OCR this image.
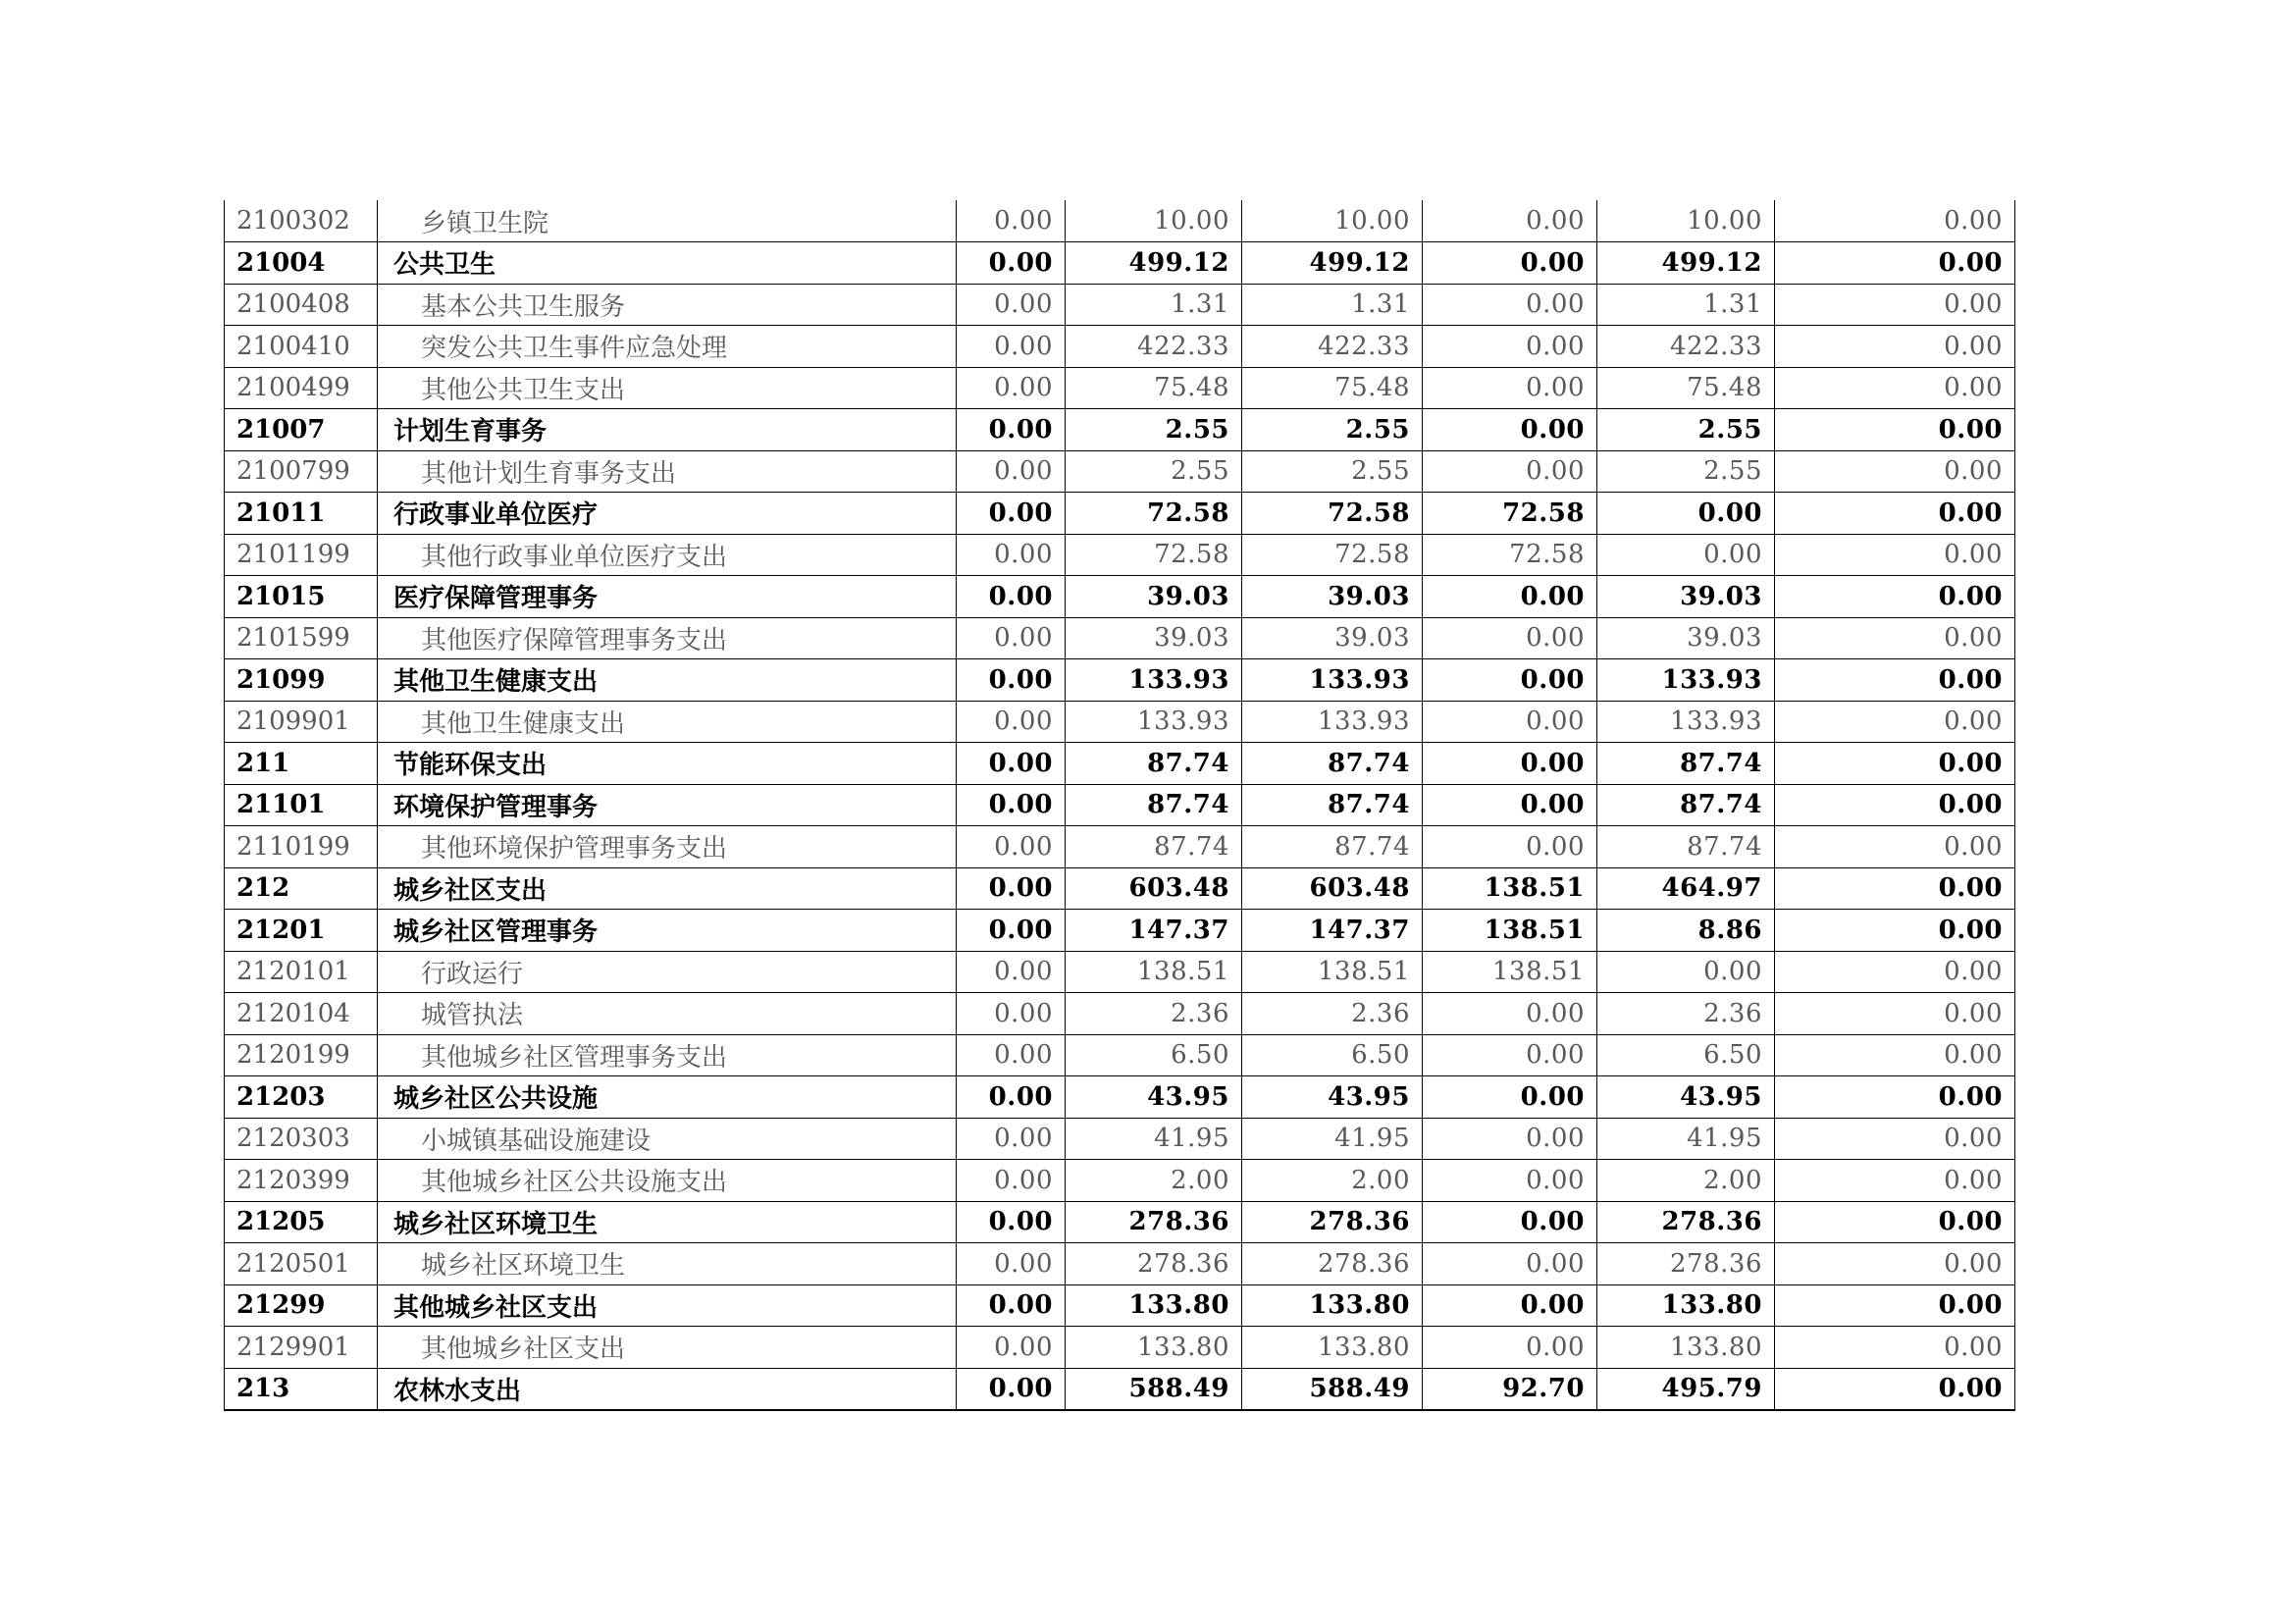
2100302	乡镇卫生院	0.00	10.00	10.00	0.00	10.00	0.00
21004	公共卫生	0.00	499.12	499.12	0.00	499.12	0.00
2100408	基本公共卫生服务	0.00	1.31	1.31	0.00	1.31	0.00
2100410	突发公共卫生事件应急处理	0.00	422.33	422.33	0.00	422.33	0.00
2100499	其他公共卫生支出	0.00	75.48	75.48	0.00	75.48	0.00
21007	计划生育事务	0.00	2.55	2.55	0.00	2.55	0.00
2100799	其他计划生育事务支出	0.00	2.55	2.55	0.00	2.55	0.00
21011	行政事业单位医疗	0.00	72.58	72.58	72.58	0.00	0.00
2101199	其他行政事业单位医疗支出	0.00	72.58	72.58	72.58	0.00	0.00
21015	医疗保障管理事务	0.00	39.03	39.03	0.00	39.03	0.00
2101599	其他医疗保障管理事务支出	0.00	39.03	39.03	0.00	39.03	0.00
21099	其他卫生健康支出	0.00	133.93	133.93	0.00	133.93	0.00
2109901	其他卫生健康支出	0.00	133.93	133.93	0.00	133.93	0.00
211	节能环保支出	0.00	87.74	87.74	0.00	87.74	0.00
21101	环境保护管理事务	0.00	87.74	87.74	0.00	87.74	0.00
2110199	其他环境保护管理事务支出	0.00	87.74	87.74	0.00	87.74	0.00
212	城乡社区支出	0.00	603.48	603.48	138.51	464.97	0.00
21201	城乡社区管理事务	0.00	147.37	147.37	138.51	8.86	0.00
2120101	行政运行	0.00	138.51	138.51	138.51	0.00	0.00
2120104	城管执法	0.00	2.36	2.36	0.00	2.36	0.00
2120199	其他城乡社区管理事务支出	0.00	6.50	6.50	0.00	6.50	0.00
21203	城乡社区公共设施	0.00	43.95	43.95	0.00	43.95	0.00
2120303	小城镇基础设施建设	0.00	41.95	41.95	0.00	41.95	0.00
2120399	其他城乡社区公共设施支出	0.00	2.00	2.00	0.00	2.00	0.00
21205	城乡社区环境卫生	0.00	278.36	278.36	0.00	278.36	0.00
2120501	城乡社区环境卫生	0.00	278.36	278.36	0.00	278.36	0.00
21299	其他城乡社区支出	0.00	133.80	133.80	0.00	133.80	0.00
2129901	其他城乡社区支出	0.00	133.80	133.80	0.00	133.80	0.00
213	农林水支出	0.00	588.49	588.49	92.70	495.79	0.00
